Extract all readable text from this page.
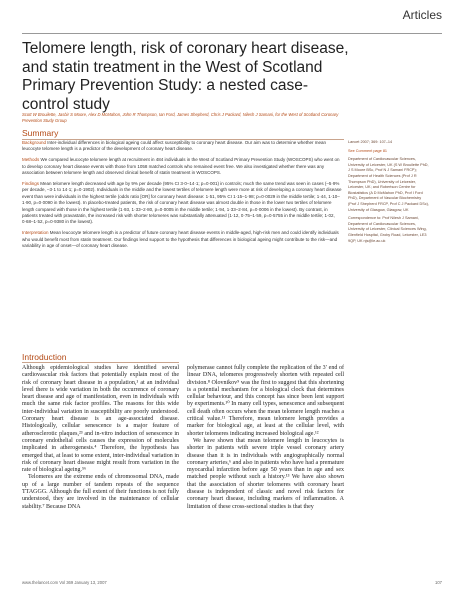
Articles
Telomere length, risk of coronary heart disease, and statin treatment in the West of Scotland Primary Prevention Study: a nested case-control study
Scott W Brouilette, Jasbir S Moore, Alex D McMahon, John R Thompson, Ian Ford, James Shepherd, Chris J Packard, Nilesh J Samani, for the West of Scotland Coronary Prevention Study Group
Summary

Background Inter-individual differences in biological ageing could affect susceptibility to coronary heart disease. Our aim was to determine whether mean leucocyte telomere length is a predictor of the development of coronary heart disease.

Methods We compared leucocyte telomere length at recruitment in 484 individuals in the West of Scotland Primary Prevention Study (WOSCOPS) who went on to develop coronary heart disease events with those from 1058 matched controls who remained event free. We also investigated whether there was any association between telomere length and observed clinical benefit of statin treatment in WOSCOPS.

Findings Mean telomere length decreased with age by 9% per decade (95% CI 3·0–14·1; p=0·001) in controls; much the same trend was seen in cases (–5·9% per decade, –3·1 to 14·1; p=0·1902). Individuals in the middle and the lowest tertiles of telomere length were more at risk of developing a coronary heart disease event than were individuals in the highest tertile (odds ratio [OR] for coronary heart disease: 1·51, 95% CI 1·15–1·98; p=0·0029 in the middle tertile; 1·44, 1·10–1·90, p=0·0090 in the lowest). In placebo-treated patients, the risk of coronary heart disease was almost double in those in the lower two tertiles of telomere length compared with those in the highest tertile (1·93, 1·33–2·80, p=0·0005 in the middle tertile; 1·94, 1·33–2·84, p=0·0006 in the lowest). By contrast, in patients treated with pravastatin, the increased risk with shorter telomeres was substantially attenuated (1·12, 0·75–1·59, p=0·5755 in the middle tertile; 1·02, 0·68–1·52, p=0·9380 in the lowest).

Interpretation Mean leucocyte telomere length is a predictor of future coronary heart disease events in middle-aged, high-risk men and could identify individuals who would benefit most from statin treatment. Our findings lend support to the hypothesis that differences in biological ageing might contribute to the risk—and variability in age of onset—of coronary heart disease.

Lancet 2007; 369: 107–14

See Comment page 81

Department of Cardiovascular Sciences, University of Leicester, UK (S W Brouilette PhD, J S Moore BSc, Prof N J Samani FRCP); Department of Health Sciences (Prof J R Thompson PhD), University of Leicester, Leicester, UK; and Robertson Centre for Biostatistics (A D McMahon PhD, Prof I Ford PhD), Department of Vascular Biochemistry (Prof J Shepherd FRCP, Prof C J Packard DSc), University of Glasgow, Glasgow, UK

Correspondence to: Prof Nilesh J Samani, Department of Cardiovascular Sciences, University of Leicester, Clinical Sciences Wing, Glenfield Hospital, Groby Road, Leicester, LE3 9QP, UK njs@le.ac.uk

Introduction

Although epidemiological studies have identified several cardiovascular risk factors that potentially explain most of the risk of coronary heart disease in a population,¹ at an individual level there is wide variation in both the occurrence of coronary heart disease and age of manifestation, even in individuals with much the same risk factor profiles. The reasons for this wide inter-individual variation in susceptibility are poorly understood. Coronary heart disease is an age-associated disease. Histologically, cellular senescence is a major feature of atherosclerotic plaques,²³ and in-vitro induction of senescence in coronary endothelial cells causes the expression of molecules implicated in atherogenesis.⁴ Therefore, the hypothesis has emerged that, at least to some extent, inter-individual variation in risk of coronary heart disease might result from variation in the rate of biological ageing.⁵⁶

Telomeres are the extreme ends of chromosomal DNA, made up of a large number of tandem repeats of the sequence TTAGGG. Although the full extent of their functions is not fully understood, they are involved in the maintenance of cellular stability.⁷ Because DNA

polymerase cannot fully complete the replication of the 3′ end of linear DNA, telomeres progressively shorten with repeated cell division.⁸ Olovnikov⁹ was the first to suggest that this shortening is a potential mechanism for a biological clock that determines cellular behaviour, and this concept has since been lent support by experiments.¹⁰ In many cell types, senescence and subsequent cell death often occurs when the mean telomere length reaches a critical value.¹¹ Therefore, mean telomere length provides a marker for biological age, at least at the cellular level, with shorter telomeres indicating increased biological age.¹²

We have shown that mean telomere length in leucocytes is shorter in patients with severe triple vessel coronary artery disease than it is in individuals with angiographically normal coronary arteries,⁶ and also in patients who have had a premature myocardial infarction before age 50 years than in age and sex matched people without such a history.¹³ We have also shown that the association of shorter telomeres with coronary heart disease is independent of classic and novel risk factors for coronary heart disease, including markers of inflammation. A limitation of these cross-sectional studies is that they

www.thelancet.com Vol 369 January 13, 2007	107
